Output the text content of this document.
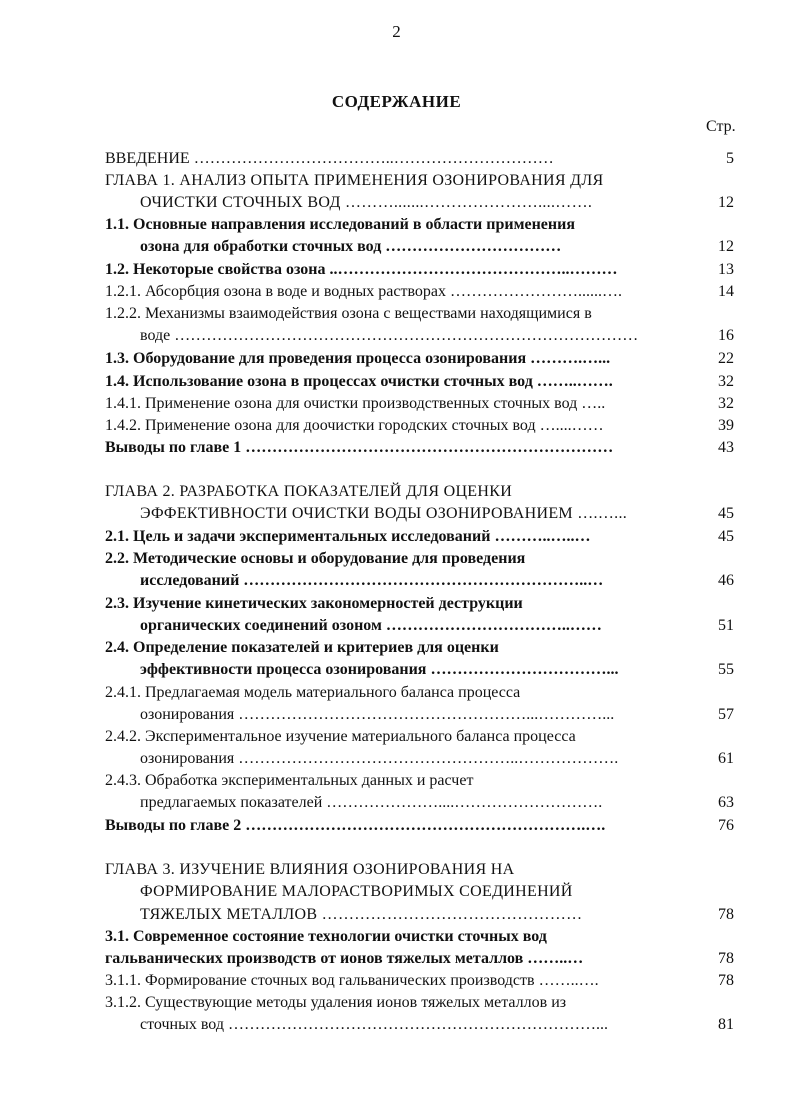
2
СОДЕРЖАНИЕ
Стр.
ВВЕДЕНИЕ ………………………………..…………………………	5
ГЛАВА 1. АНАЛИЗ ОПЫТА ПРИМЕНЕНИЯ ОЗОНИРОВАНИЯ ДЛЯ
ОЧИСТКИ СТОЧНЫХ ВОД ……….......…………………....…….	12
1.1. Основные направления исследований в области применения
озона для обработки сточных вод ……………………………	12
1.2. Некоторые свойства озона ..……………………………………..………	13
1.2.1. Абсорбция озона в воде и водных растворах ……………………......….	14
1.2.2. Механизмы взаимодействия озона с веществами находящимися в
воде ……………………………………………………………………………	16
1.3. Оборудование для проведения процесса озонирования ……….…...	22
1.4. Использование озона в процессах очистки сточных вод ……..…….	32
1.4.1. Применение озона для очистки производственных сточных вод …..	32
1.4.2. Применение озона для доочистки городских сточных вод …....……	39
Выводы по главе 1 ……………………………………………………………	43
ГЛАВА 2. РАЗРАБОТКА ПОКАЗАТЕЛЕЙ ДЛЯ ОЦЕНКИ
ЭФФЕКТИВНОСТИ ОЧИСТКИ ВОДЫ ОЗОНИРОВАНИЕМ ….…...	45
2.1. Цель и задачи экспериментальных исследований ………..…..…	45
2.2. Методические основы и оборудование для проведения
исследований ………………………………………………………..…	46
2.3. Изучение кинетических закономерностей деструкции
органических соединений озоном ……………………………..……	51
2.4. Определение показателей и критериев для оценки
эффективности процесса озонирования ……………………………...	55
2.4.1. Предлагаемая модель материального баланса процесса
озонирования ………………………………………………...…………...	57
2.4.2. Экспериментальное изучение материального баланса процесса
озонирования ……………………………………………..……………….	61
2.4.3. Обработка экспериментальных данных и расчет
предлагаемых показателей …………………....……………………….	63
Выводы по главе 2 ……………………………………………………….….	76
ГЛАВА 3. ИЗУЧЕНИЕ ВЛИЯНИЯ ОЗОНИРОВАНИЯ НА
ФОРМИРОВАНИЕ МАЛОРАСТВОРИМЫХ СОЕДИНЕНИЙ
ТЯЖЕЛЫХ МЕТАЛЛОВ …………………………………………	78
3.1. Современное состояние технологии очистки сточных вод
гальванических производств от ионов тяжелых металлов ……..…	78
3.1.1. Формирование сточных вод гальванических производств ……..….	78
3.1.2. Существующие методы удаления ионов тяжелых металлов из
сточных вод ……………………………………………………………...	81
